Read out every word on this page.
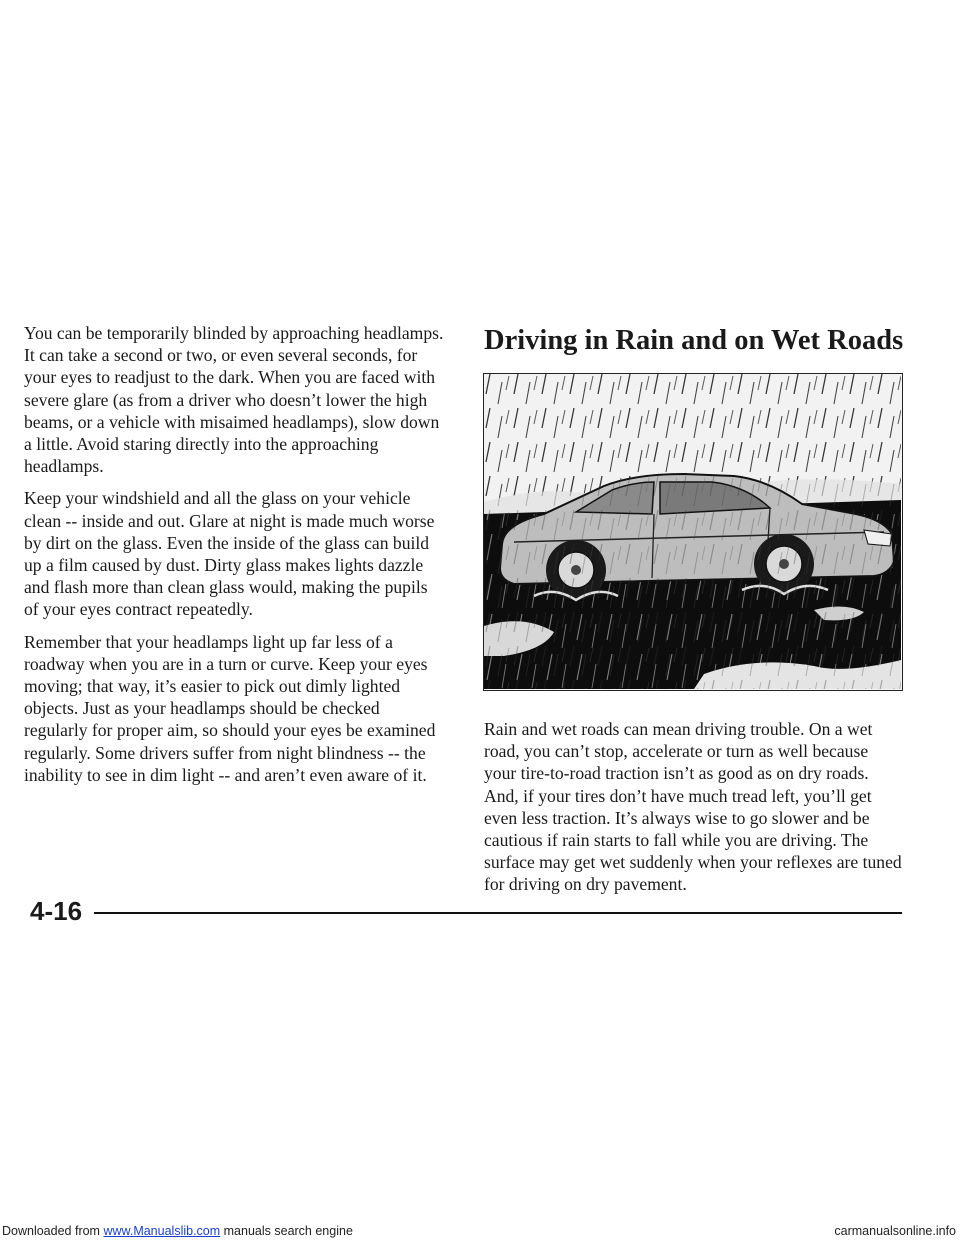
You can be temporarily blinded by approaching headlamps. It can take a second or two, or even several seconds, for your eyes to readjust to the dark. When you are faced with severe glare (as from a driver who doesn’t lower the high beams, or a vehicle with misaimed headlamps), slow down a little. Avoid staring directly into the approaching headlamps.

Keep your windshield and all the glass on your vehicle clean -- inside and out. Glare at night is made much worse by dirt on the glass. Even the inside of the glass can build up a film caused by dust. Dirty glass makes lights dazzle and flash more than clean glass would, making the pupils of your eyes contract repeatedly.

Remember that your headlamps light up far less of a roadway when you are in a turn or curve. Keep your eyes moving; that way, it’s easier to pick out dimly lighted objects. Just as your headlamps should be checked regularly for proper aim, so should your eyes be examined regularly. Some drivers suffer from night blindness -- the inability to see in dim light -- and aren’t even aware of it.

Driving in Rain and on Wet Roads

Rain and wet roads can mean driving trouble. On a wet road, you can’t stop, accelerate or turn as well because your tire-to-road traction isn’t as good as on dry roads. And, if your tires don’t have much tread left, you’ll get even less traction. It’s always wise to go slower and be cautious if rain starts to fall while you are driving. The surface may get wet suddenly when your reflexes are tuned for driving on dry pavement.

4-16
Downloaded from www.Manualslib.com manuals search engine	carmanualsonline.info
